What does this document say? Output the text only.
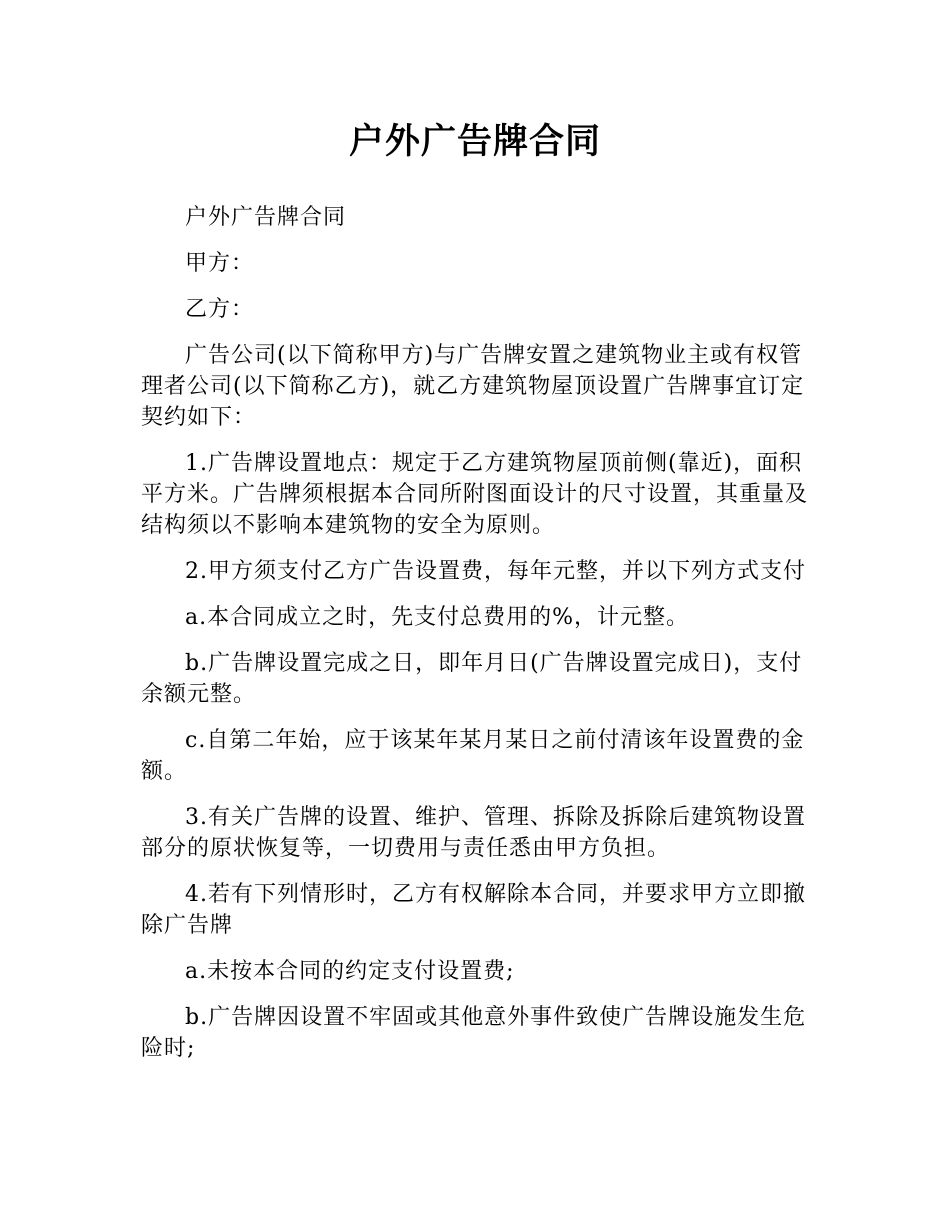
户外广告牌合同

户外广告牌合同

甲方：

乙方：

广告公司(以下简称甲方)与广告牌安置之建筑物业主或有权管理者公司(以下简称乙方)，就乙方建筑物屋顶设置广告牌事宜订定契约如下：

1.广告牌设置地点：规定于乙方建筑物屋顶前侧(靠近)，面积平方米。广告牌须根据本合同所附图面设计的尺寸设置，其重量及结构须以不影响本建筑物的安全为原则。

2.甲方须支付乙方广告设置费，每年元整，并以下列方式支付

a.本合同成立之时，先支付总费用的%，计元整。

b.广告牌设置完成之日，即年月日(广告牌设置完成日)，支付余额元整。

c.自第二年始，应于该某年某月某日之前付清该年设置费的金额。

3.有关广告牌的设置、维护、管理、拆除及拆除后建筑物设置部分的原状恢复等，一切费用与责任悉由甲方负担。

4.若有下列情形时，乙方有权解除本合同，并要求甲方立即撤除广告牌

a.未按本合同的约定支付设置费;

b.广告牌因设置不牢固或其他意外事件致使广告牌设施发生危险时;
